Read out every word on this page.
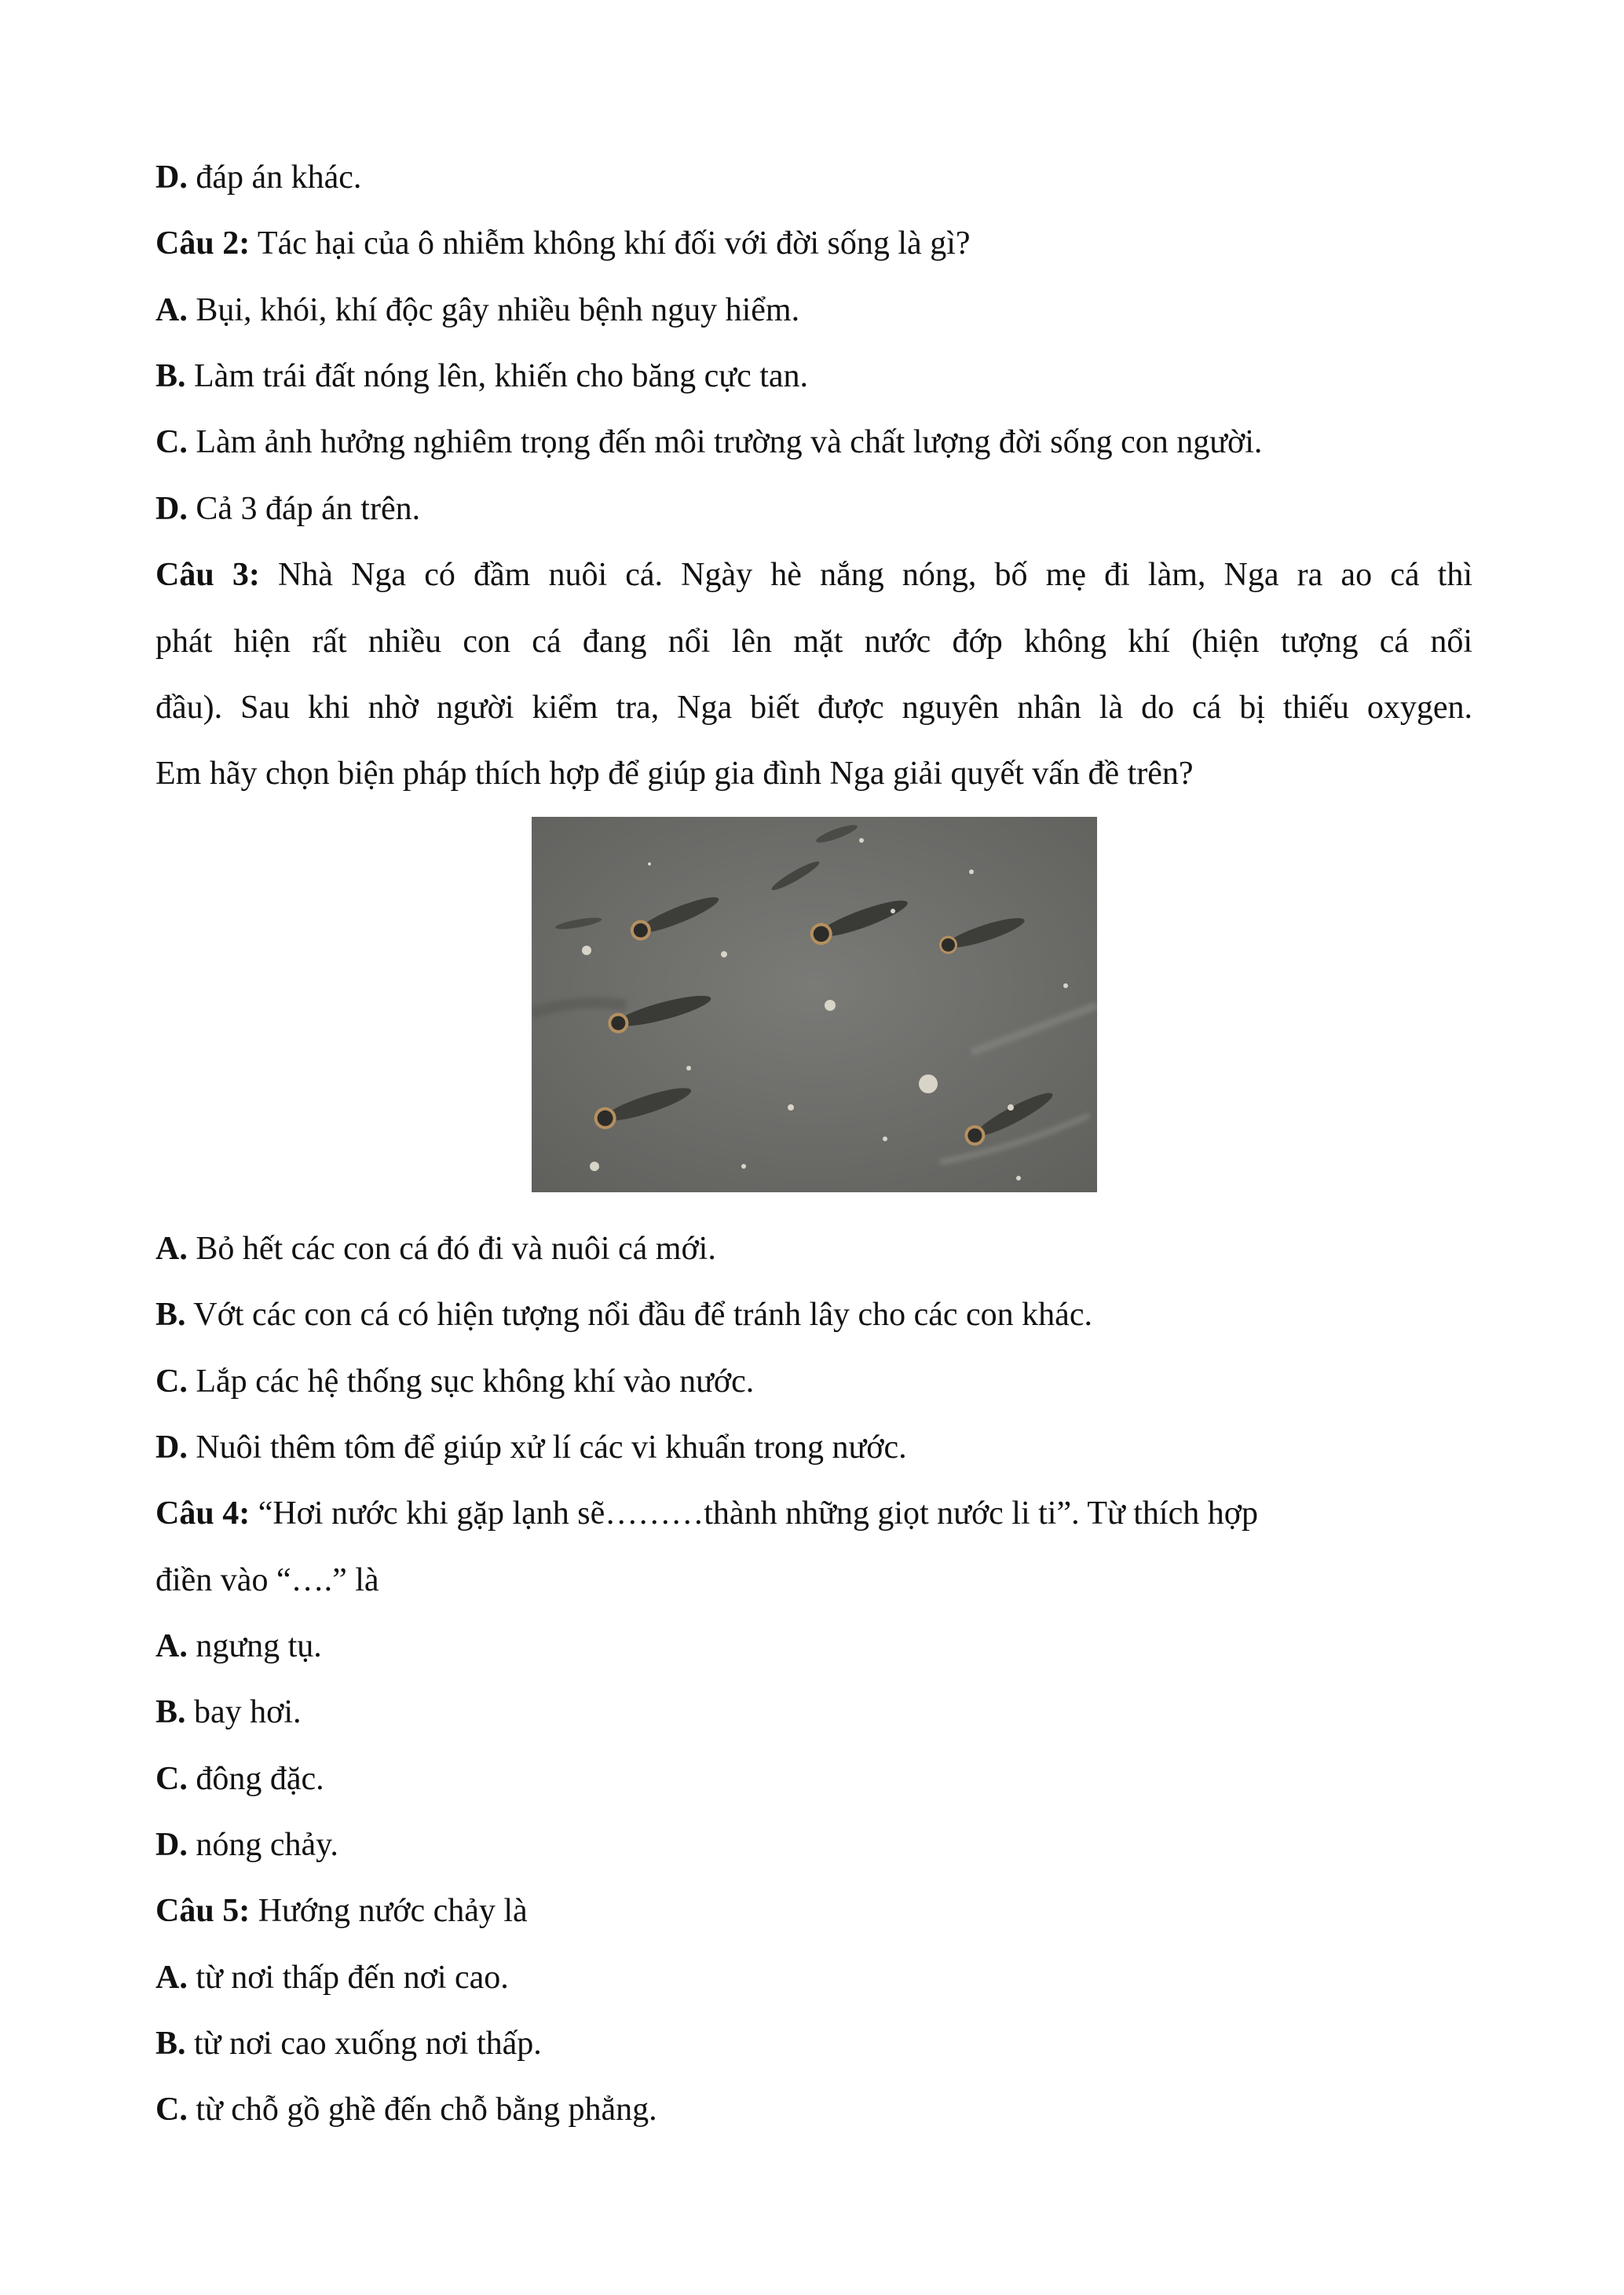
D. đáp án khác.
Câu 2: Tác hại của ô nhiễm không khí đối với đời sống là gì?
A. Bụi, khói, khí độc gây nhiều bệnh nguy hiểm.
B. Làm trái đất nóng lên, khiến cho băng cực tan.
C. Làm ảnh hưởng nghiêm trọng đến môi trường và chất lượng đời sống con người.
D. Cả 3 đáp án trên.
Câu 3: Nhà Nga có đầm nuôi cá. Ngày hè nắng nóng, bố mẹ đi làm, Nga ra ao cá thì
phát hiện rất nhiều con cá đang nổi lên mặt nước đớp không khí (hiện tượng cá nổi
đầu). Sau khi nhờ người kiểm tra, Nga biết được nguyên nhân là do cá bị thiếu oxygen.
Em hãy chọn biện pháp thích hợp để giúp gia đình Nga giải quyết vấn đề trên?
A. Bỏ hết các con cá đó đi và nuôi cá mới.
B. Vớt các con cá có hiện tượng nổi đầu để tránh lây cho các con khác.
C. Lắp các hệ thống sục không khí vào nước.
D. Nuôi thêm tôm để giúp xử lí các vi khuẩn trong nước.
Câu 4: “Hơi nước khi gặp lạnh sẽ………thành những giọt nước li ti”. Từ thích hợp
điền vào “….” là
A. ngưng tụ.
B. bay hơi.
C. đông đặc.
D. nóng chảy.
Câu 5: Hướng nước chảy là
A. từ nơi thấp đến nơi cao.
B. từ nơi cao xuống nơi thấp.
C. từ chỗ gồ ghề đến chỗ bằng phẳng.
